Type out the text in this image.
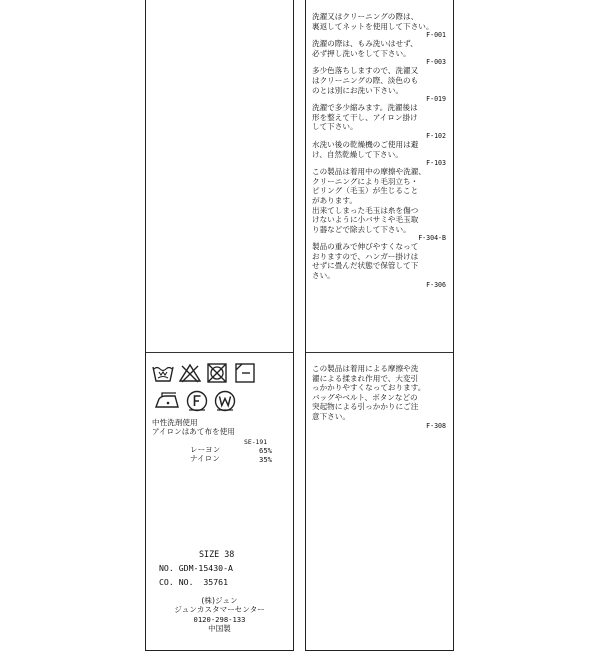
中性洗剤使用
アイロンはあて布を使用
SE-191
レーヨン	65%
ナイロン	35%
SIZE 38
NO. GDM-15430-A
CO. NO.  35761
(株)ジュン
ジュンカスタマーセンター
0120-298-133
中国製
洗濯又はクリーニングの際は、
裏返してネットを使用して下さい。
F-001
洗濯の際は、もみ洗いはせず、
必ず押し洗いをして下さい。
F-003
多少色落ちしますので、洗濯又
はクリーニングの際、淡色のも
のとは別にお洗い下さい。
F-019
洗濯で多少縮みます。洗濯後は
形を整えて干し、アイロン掛け
して下さい。
F-102
水洗い後の乾燥機のご使用は避
け、自然乾燥して下さい。
F-103
この製品は着用中の摩擦や洗濯、
クリーニングにより毛羽立ち・
ピリング（毛玉）が生じること
があります。
出来てしまった毛玉は糸を傷つ
けないように小バサミや毛玉取
り器などで除去して下さい。
F-304-B
製品の重みで伸びやすくなって
おりますので、ハンガー掛けは
せずに畳んだ状態で保管して下
さい。
F-306
この製品は着用による摩擦や洗
濯による揉まれ作用で、大変引
っかかりやすくなっております。
バッグやベルト、ボタンなどの
突起物による引っかかりにご注
意下さい。
F-308
